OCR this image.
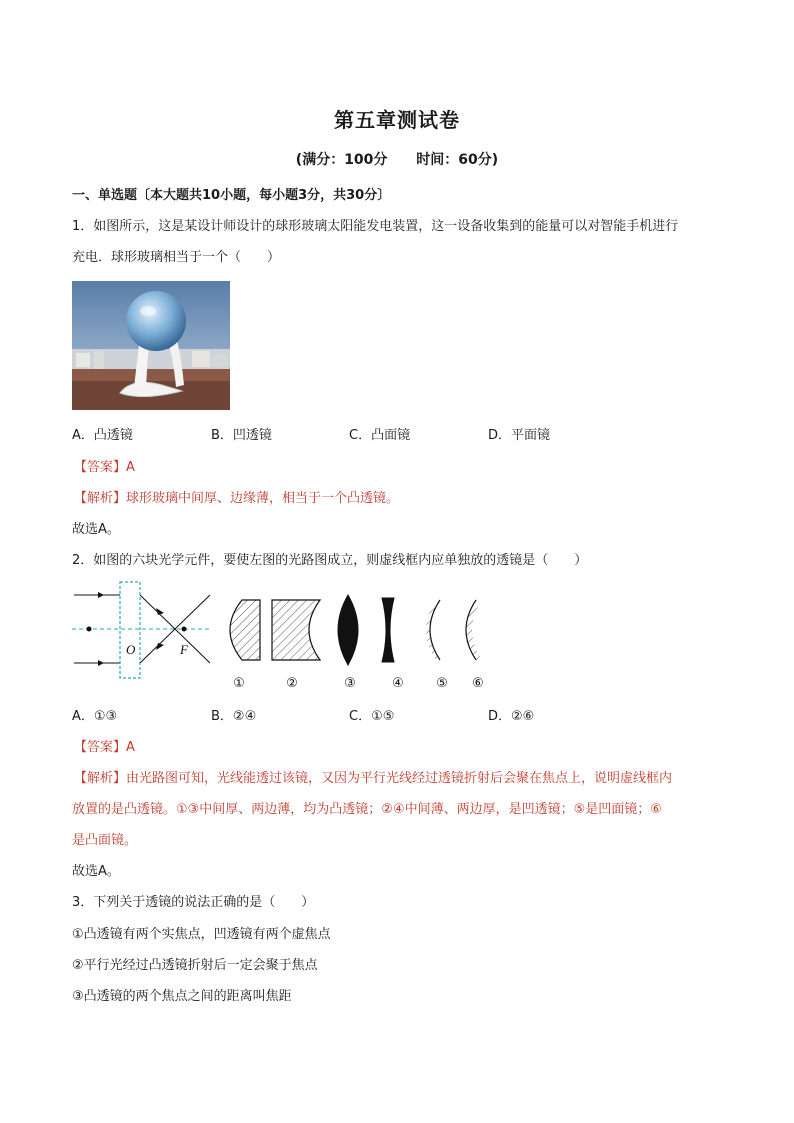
第五章测试卷
(满分：100分 时间：60分)
一、单选题〔本大题共10小题，每小题3分，共30分〕
1．如图所示，这是某设计师设计的球形玻璃太阳能发电装置，这一设备收集到的能量可以对智能手机进行
充电．球形玻璃相当于一个（　　）
A．凸透镜	B．凹透镜	C．凸面镜	D．平面镜
【答案】A
【解析】球形玻璃中间厚、边缘薄，相当于一个凸透镜。
故选A。
2．如图的六块光学元件，要使左图的光路图成立，则虚线框内应单独放的透镜是（　　）
O	F
①	②	③	④ ⑤ ⑥
A．①③	B．②④	C．①⑤	D．②⑥
【答案】A
【解析】由光路图可知，光线能透过该镜，又因为平行光线经过透镜折射后会聚在焦点上，说明虚线框内
放置的是凸透镜。①③中间厚、两边薄，均为凸透镜；②④中间薄、两边厚，是凹透镜；⑤是凹面镜；⑥
是凸面镜。
故选A。
3．下列关于透镜的说法正确的是（　　）
①凸透镜有两个实焦点，凹透镜有两个虚焦点
②平行光经过凸透镜折射后一定会聚于焦点
③凸透镜的两个焦点之间的距离叫焦距
